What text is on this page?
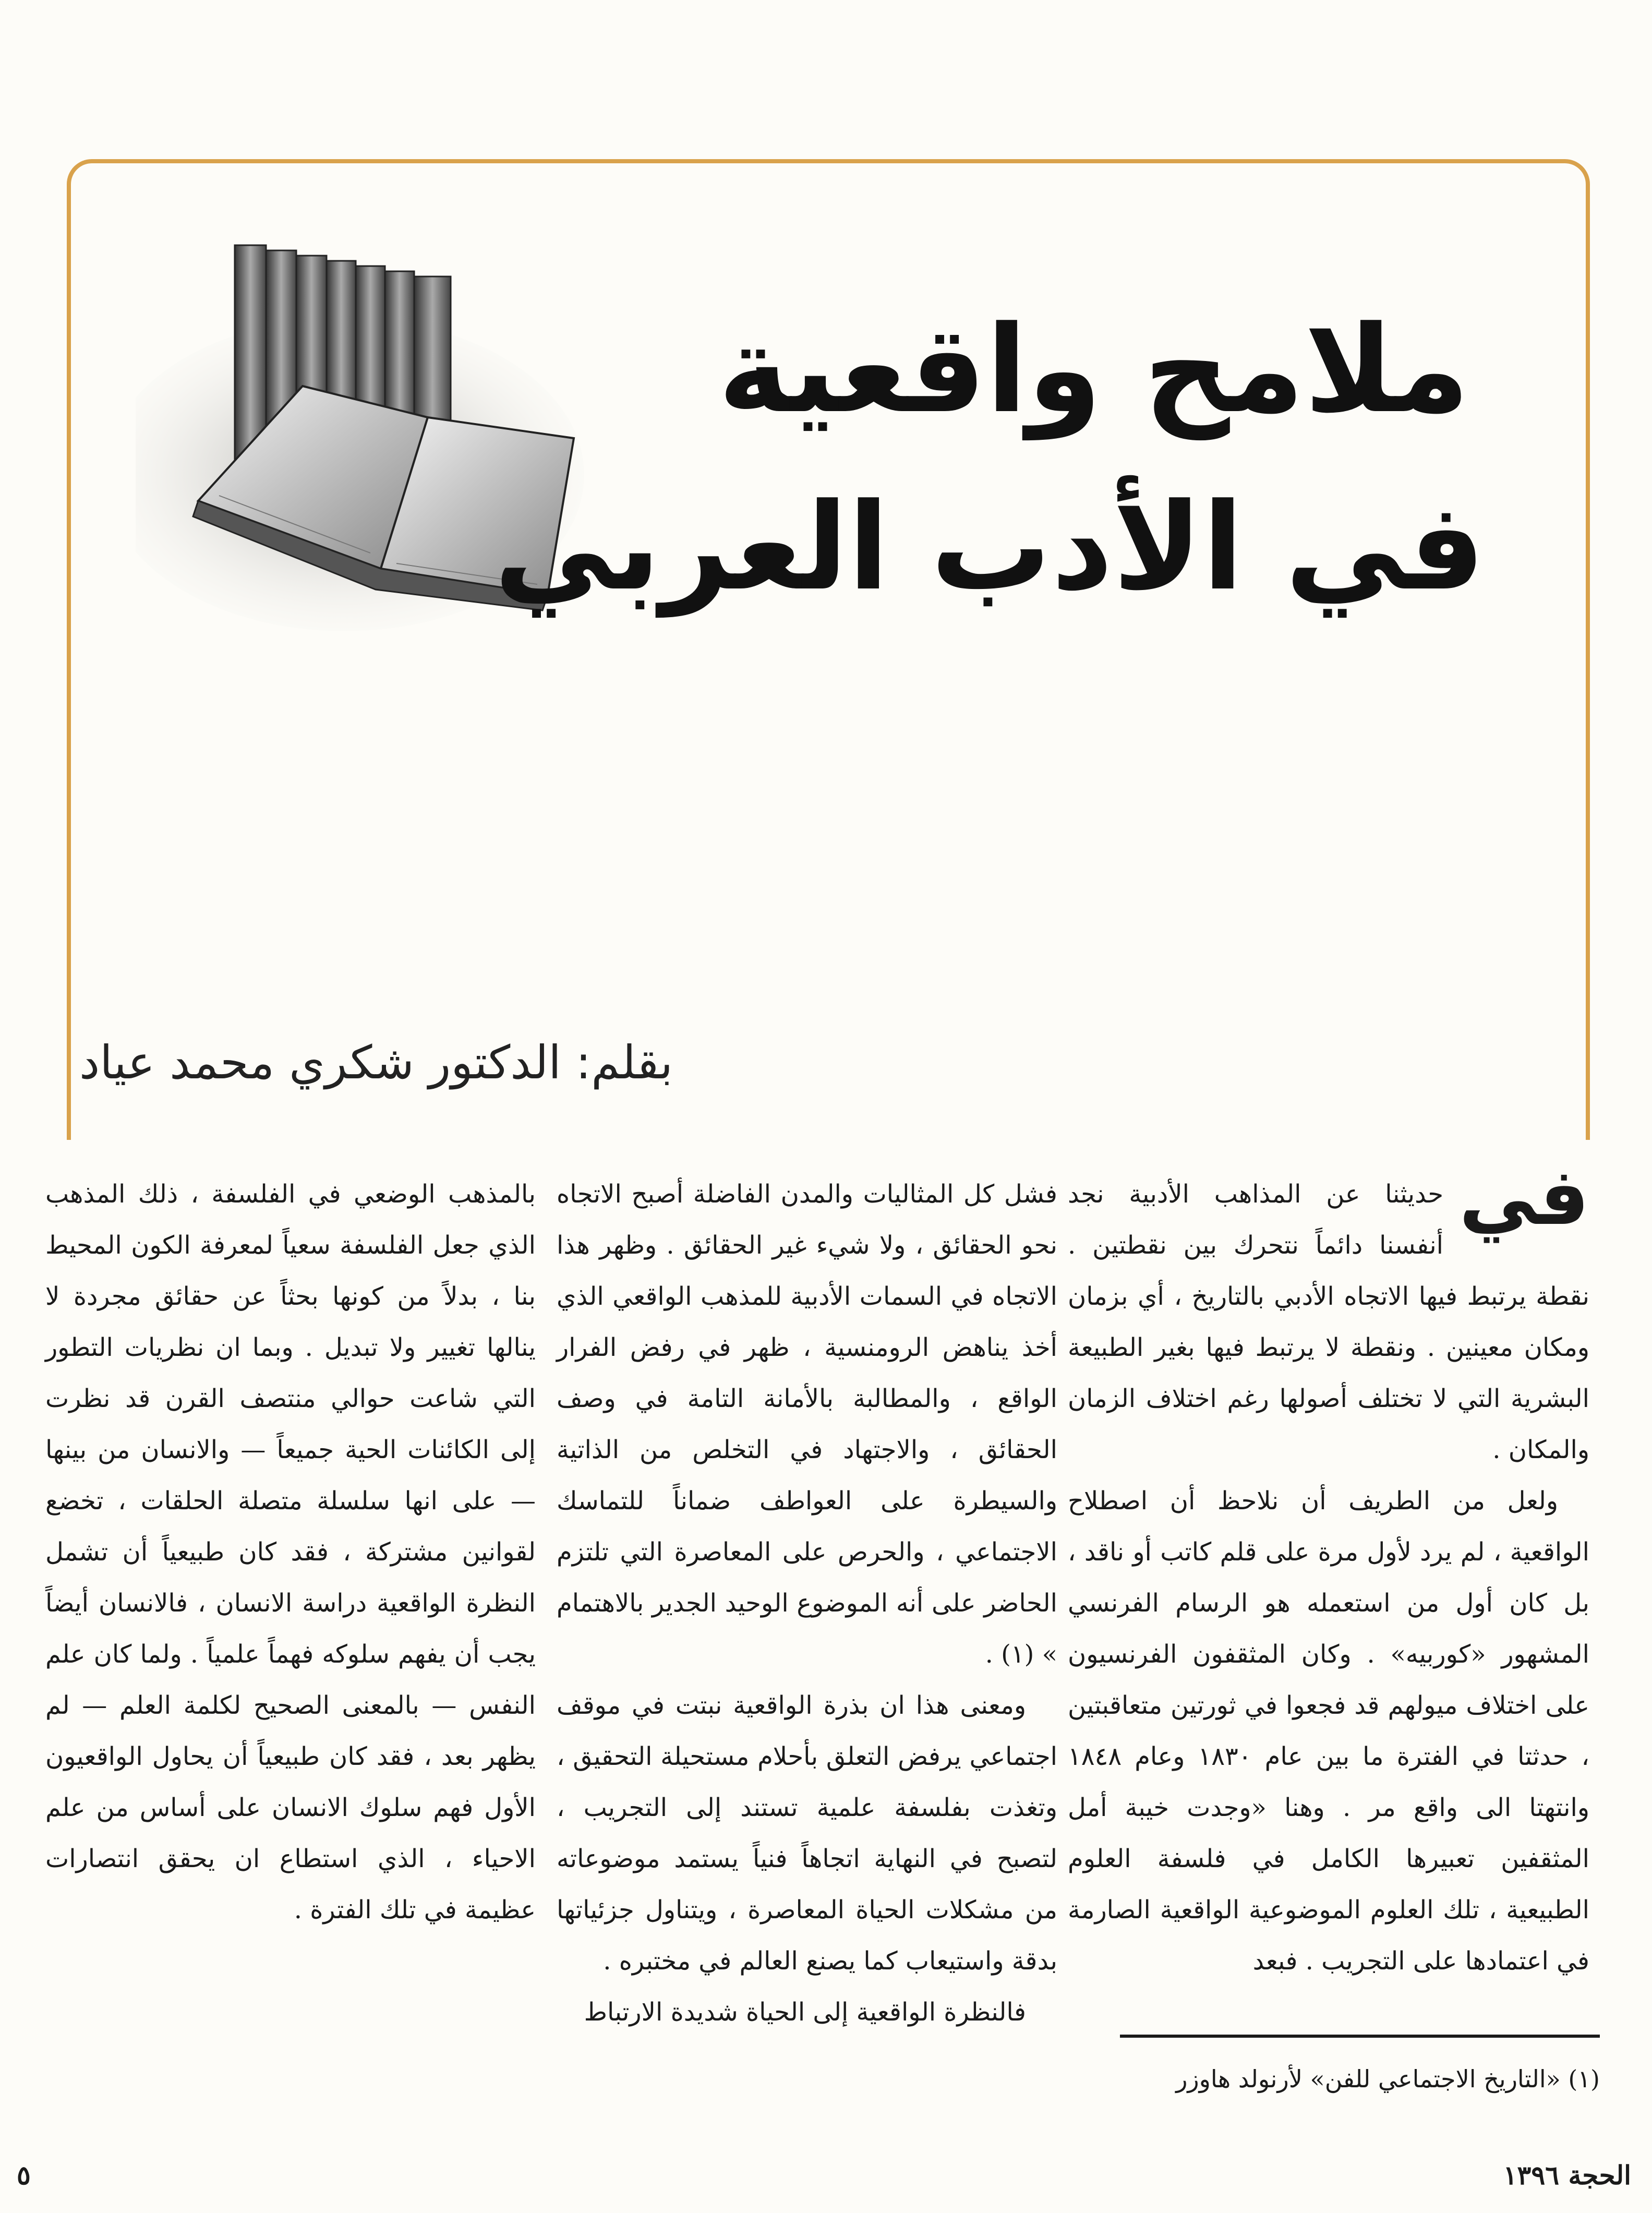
ملامح واقعية
في الأدب العربي
بقلم: الدكتور شكري محمد عياد
في

حديثنا عن المذاهب الأدبية نجد أنفسنا دائماً نتحرك بين نقطتين . نقطة يرتبط فيها الاتجاه الأدبي بالتاريخ ، أي بزمان ومكان معينين . ونقطة لا يرتبط فيها بغير الطبيعة البشرية التي لا تختلف أصولها رغم اختلاف الزمان والمكان .

ولعل من الطريف أن نلاحظ أن اصطلاح الواقعية ، لم يرد لأول مرة على قلم كاتب أو ناقد ، بل كان أول من استعمله هو الرسام الفرنسي المشهور «كوربيه» . وكان المثقفون الفرنسيون على اختلاف ميولهم قد فجعوا في ثورتين متعاقبتين ، حدثتا في الفترة ما بين عام ١٨٣٠ وعام ١٨٤٨ وانتهتا الى واقع مر . وهنا «وجدت خيبة أمل المثقفين تعبيرها الكامل في فلسفة العلوم الطبيعية ، تلك العلوم الموضوعية الواقعية الصارمة في اعتمادها على التجريب . فبعد

فشل كل المثاليات والمدن الفاضلة أصبح الاتجاه نحو الحقائق ، ولا شيء غير الحقائق . وظهر هذا الاتجاه في السمات الأدبية للمذهب الواقعي الذي أخذ يناهض الرومنسية ، ظهر في رفض الفرار الواقع ، والمطالبة بالأمانة التامة في وصف الحقائق ، والاجتهاد في التخلص من الذاتية والسيطرة على العواطف ضماناً للتماسك الاجتماعي ، والحرص على المعاصرة التي تلتزم الحاضر على أنه الموضوع الوحيد الجدير بالاهتمام » (١) .

ومعنى هذا ان بذرة الواقعية نبتت في موقف اجتماعي يرفض التعلق بأحلام مستحيلة التحقيق ، وتغذت بفلسفة علمية تستند إلى التجريب ، لتصبح في النهاية اتجاهاً فنياً يستمد موضوعاته من مشكلات الحياة المعاصرة ، ويتناول جزئياتها بدقة واستيعاب كما يصنع العالم في مختبره .

فالنظرة الواقعية إلى الحياة شديدة الارتباط

بالمذهب الوضعي في الفلسفة ، ذلك المذهب الذي جعل الفلسفة سعياً لمعرفة الكون المحيط بنا ، بدلاً من كونها بحثاً عن حقائق مجردة لا ينالها تغيير ولا تبديل . وبما ان نظريات التطور التي شاعت حوالي منتصف القرن قد نظرت إلى الكائنات الحية جميعاً — والانسان من بينها — على انها سلسلة متصلة الحلقات ، تخضع لقوانين مشتركة ، فقد كان طبيعياً أن تشمل النظرة الواقعية دراسة الانسان ، فالانسان أيضاً يجب أن يفهم سلوكه فهماً علمياً . ولما كان علم النفس — بالمعنى الصحيح لكلمة العلم — لم يظهر بعد ، فقد كان طبيعياً أن يحاول الواقعيون الأول فهم سلوك الانسان على أساس من علم الاحياء ، الذي استطاع ان يحقق انتصارات عظيمة في تلك الفترة .

(١) «التاريخ الاجتماعي للفن» لأرنولد هاوزر
٥	الحجة ١٣٩٦
